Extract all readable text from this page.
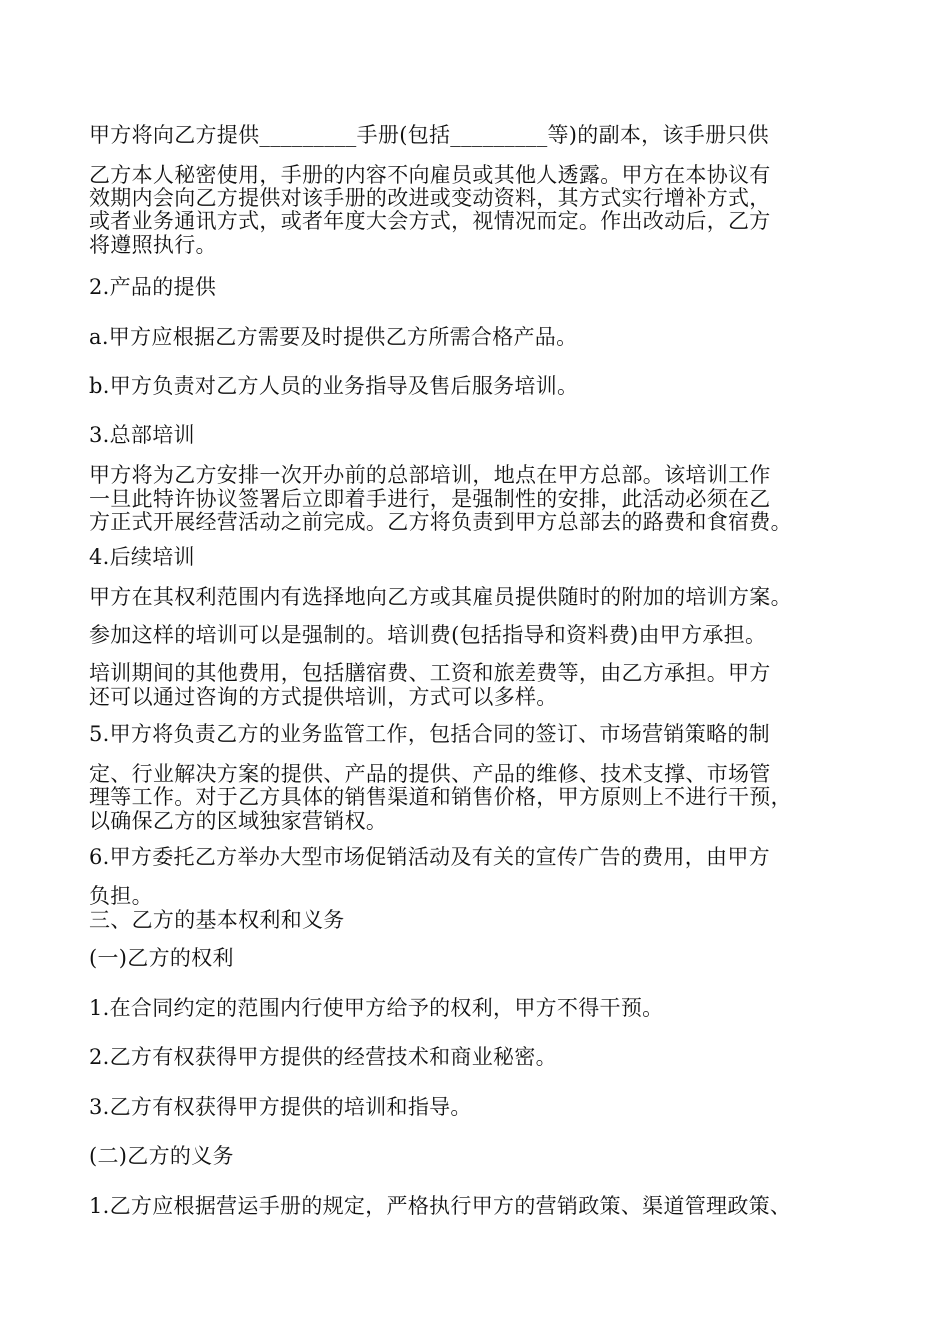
甲方将向乙方提供_________手册(包括_________等)的副本，该手册只供
乙方本人秘密使用，手册的内容不向雇员或其他人透露。甲方在本协议有
效期内会向乙方提供对该手册的改进或变动资料，其方式实行增补方式，
或者业务通讯方式，或者年度大会方式，视情况而定。作出改动后，乙方
将遵照执行。
2.产品的提供
a.甲方应根据乙方需要及时提供乙方所需合格产品。
b.甲方负责对乙方人员的业务指导及售后服务培训。
3.总部培训
甲方将为乙方安排一次开办前的总部培训，地点在甲方总部。该培训工作
一旦此特许协议签署后立即着手进行，是强制性的安排，此活动必须在乙
方正式开展经营活动之前完成。乙方将负责到甲方总部去的路费和食宿费。
4.后续培训
甲方在其权利范围内有选择地向乙方或其雇员提供随时的附加的培训方案。
参加这样的培训可以是强制的。培训费(包括指导和资料费)由甲方承担。
培训期间的其他费用，包括膳宿费、工资和旅差费等，由乙方承担。甲方
还可以通过咨询的方式提供培训，方式可以多样。
5.甲方将负责乙方的业务监管工作，包括合同的签订、市场营销策略的制
定、行业解决方案的提供、产品的提供、产品的维修、技术支撑、市场管
理等工作。对于乙方具体的销售渠道和销售价格，甲方原则上不进行干预，
以确保乙方的区域独家营销权。
6.甲方委托乙方举办大型市场促销活动及有关的宣传广告的费用，由甲方
负担。
三、乙方的基本权利和义务
(一)乙方的权利
1.在合同约定的范围内行使甲方给予的权利，甲方不得干预。
2.乙方有权获得甲方提供的经营技术和商业秘密。
3.乙方有权获得甲方提供的培训和指导。
(二)乙方的义务
1.乙方应根据营运手册的规定，严格执行甲方的营销政策、渠道管理政策、
